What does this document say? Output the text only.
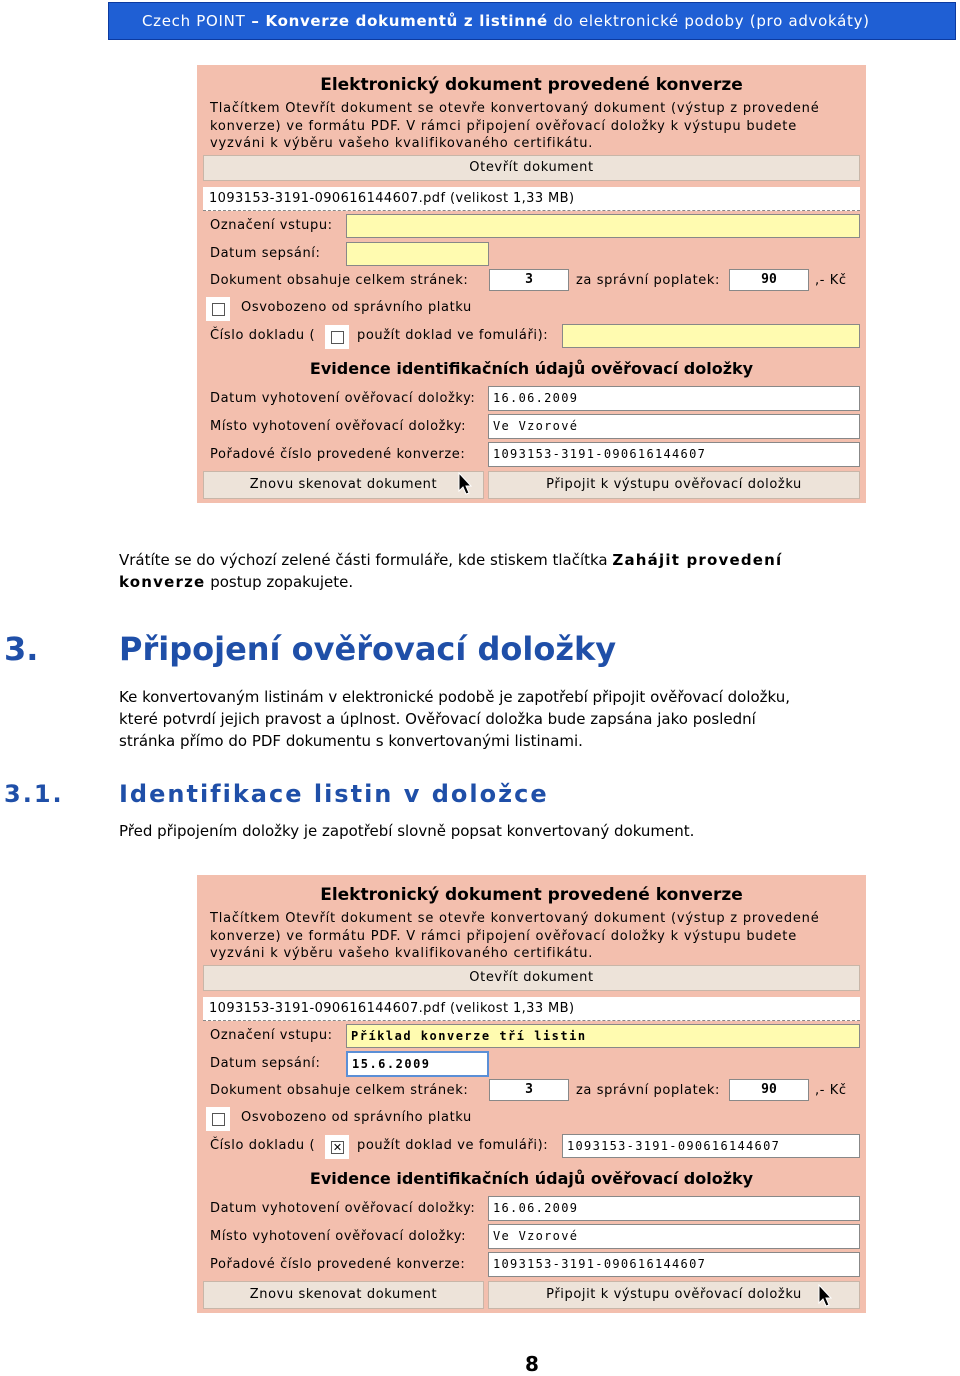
Czech POINT – Konverze dokumentů z listinné do elektronické podoby (pro advokáty)
Elektronický dokument provedené konverze
Tlačítkem Otevřít dokument se otevře konvertovaný dokument (výstup z provedené konverze) ve formátu PDF. V rámci připojení ověřovací doložky k výstupu budete vyzváni k výběru vašeho kvalifikovaného certifikátu.
Otevřít dokument
1093153-3191-090616144607.pdf (velikost 1,33 MB)
Označení vstupu:
Datum sepsání:
Dokument obsahuje celkem stránek:	3	za správní poplatek:	90	,- Kč
Osvobozeno od správního platku
Číslo dokladu (	použít doklad ve fomuláři):
Evidence identifikačních údajů ověřovací doložky
Datum vyhotovení ověřovací doložky:	16.06.2009
Místo vyhotovení ověřovací doložky:	Ve Vzorové
Pořadové číslo provedené konverze:	1093153-3191-090616144607
Znovu skenovat dokument	Připojit k výstupu ověřovací doložku
Vrátíte se do výchozí zelené části formuláře, kde stiskem tlačítka Zahájit provedení
konverze postup zopakujete.
3.	Připojení ověřovací doložky
Ke konvertovaným listinám v elektronické podobě je zapotřebí připojit ověřovací doložku,
které potvrdí jejich pravost a úplnost. Ověřovací doložka bude zapsána jako poslední
stránka přímo do PDF dokumentu s konvertovanými listinami.
3.1. Identifikace listin v doložce
Před připojením doložky je zapotřebí slovně popsat konvertovaný dokument.
Elektronický dokument provedené konverze
Tlačítkem Otevřít dokument se otevře konvertovaný dokument (výstup z provedené konverze) ve formátu PDF. V rámci připojení ověřovací doložky k výstupu budete vyzváni k výběru vašeho kvalifikovaného certifikátu.
Otevřít dokument
1093153-3191-090616144607.pdf (velikost 1,33 MB)
Označení vstupu:	Příklad konverze tří listin
Datum sepsání:	15.6.2009
Dokument obsahuje celkem stránek:	3	za správní poplatek:	90	,- Kč
Osvobozeno od správního platku
Číslo dokladu ( ✕ použít doklad ve fomuláři):	1093153-3191-090616144607
Evidence identifikačních údajů ověřovací doložky
Datum vyhotovení ověřovací doložky:	16.06.2009
Místo vyhotovení ověřovací doložky:	Ve Vzorové
Pořadové číslo provedené konverze:	1093153-3191-090616144607
Znovu skenovat dokument	Připojit k výstupu ověřovací doložku
8
